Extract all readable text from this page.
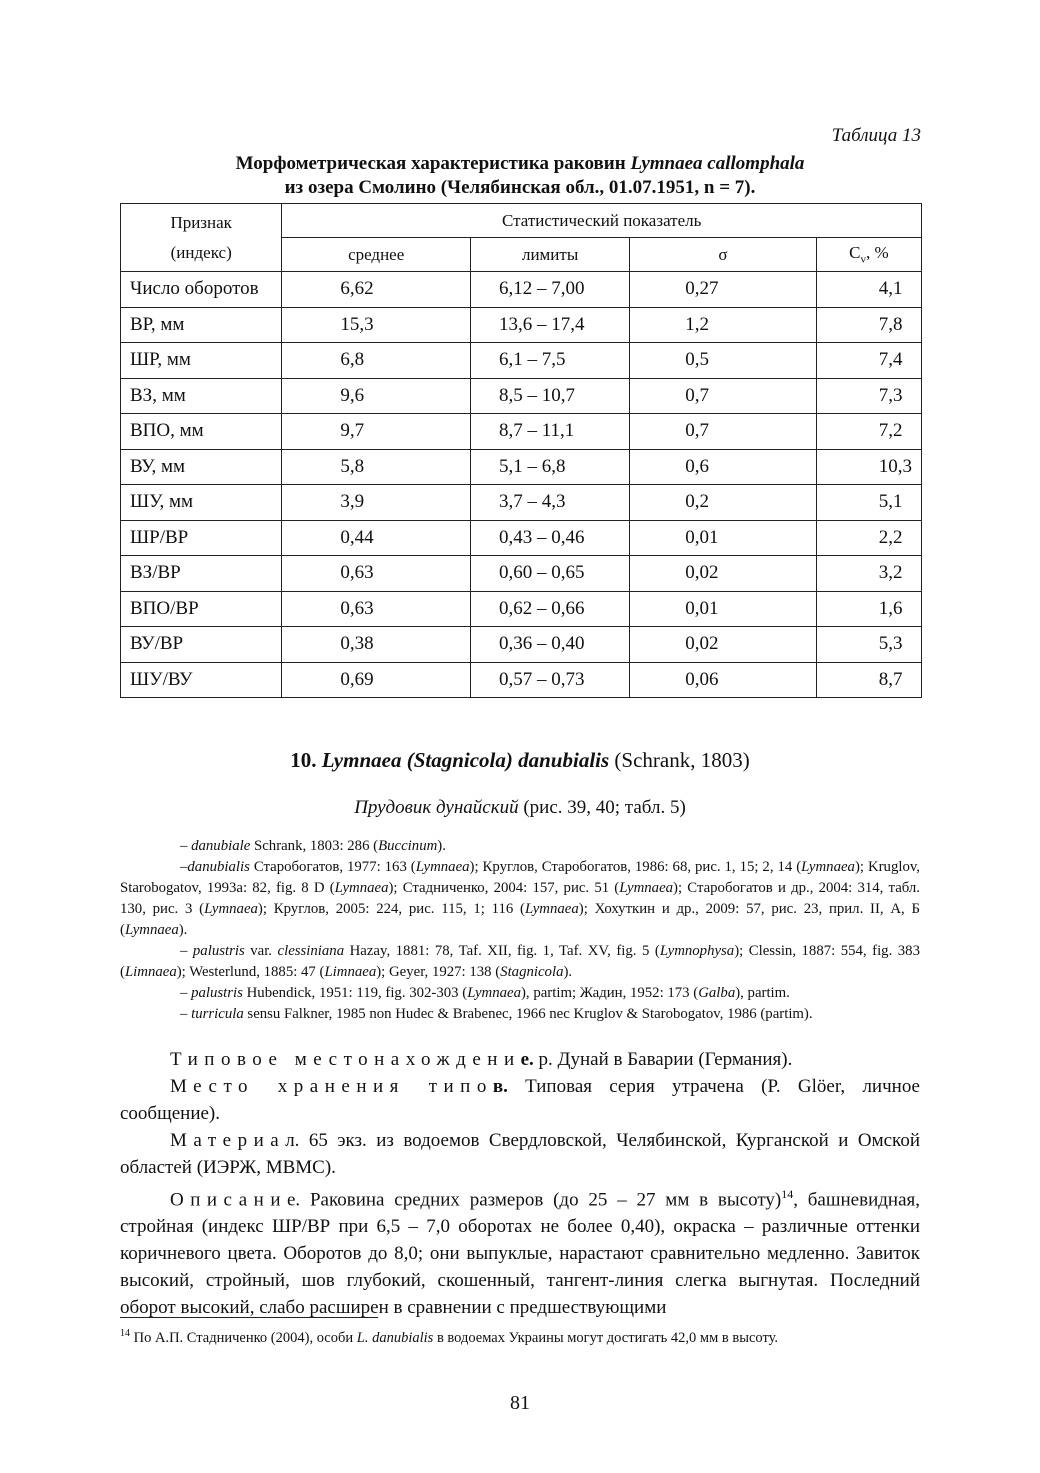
Таблица 13
Морфометрическая характеристика раковин Lymnaea callomphala
из озера Смолино (Челябинская обл., 01.07.1951, n = 7).
Признак
(индекс)	Статистический показатель			
	среднее	лимиты	σ	$C_v$, %
Число оборотов	6,62	6,12 – 7,00	0,27	4,1
ВР, мм	15,3	13,6 – 17,4	1,2	7,8
ШР, мм	6,8	6,1 – 7,5	0,5	7,4
ВЗ, мм	9,6	8,5 – 10,7	0,7	7,3
ВПО, мм	9,7	8,7 – 11,1	0,7	7,2
ВУ, мм	5,8	5,1 – 6,8	0,6	10,3
ШУ, мм	3,9	3,7 – 4,3	0,2	5,1
ШР/ВР	0,44	0,43 – 0,46	0,01	2,2
ВЗ/ВР	0,63	0,60 – 0,65	0,02	3,2
ВПО/ВР	0,63	0,62 – 0,66	0,01	1,6
ВУ/ВР	0,38	0,36 – 0,40	0,02	5,3
ШУ/ВУ	0,69	0,57 – 0,73	0,06	8,7
10. Lymnaea (Stagnicola) danubialis (Schrank, 1803)
Прудовик дунайский (рис. 39, 40; табл. 5)

– danubiale Schrank, 1803: 286 (Buccinum).

–danubialis Старобогатов, 1977: 163 (Lymnaea); Круглов, Старобогатов, 1986: 68, рис. 1, 15; 2, 14 (Lymnaea); Kruglov, Starobogatov, 1993a: 82, fig. 8 D (Lymnaea); Стадниченко, 2004: 157, рис. 51 (Lymnaea); Старобогатов и др., 2004: 314, табл. 130, рис. 3 (Lymnaea); Круглов, 2005: 224, рис. 115, 1; 116 (Lymnaea); Хохуткин и др., 2009: 57, рис. 23, прил. II, А, Б (Lymnaea).

– palustris var. clessiniana Hazay, 1881: 78, Taf. XII, fig. 1, Taf. XV, fig. 5 (Lymnophysa); Clessin, 1887: 554, fig. 383 (Limnaea); Westerlund, 1885: 47 (Limnaea); Geyer, 1927: 138 (Stagnicola).

– palustris Hubendick, 1951: 119, fig. 302-303 (Lymnaea), partim; Жадин, 1952: 173 (Galba), partim.

– turricula sensu Falkner, 1985 non Hudec & Brabenec, 1966 nec Kruglov & Starobogatov, 1986 (partim).

Типовое местонахождение. р. Дунай в Баварии (Германия).

Место хранения типов. Типовая серия утрачена (P. Glöer, личное сообщение).

Материал. 65 экз. из водоемов Свердловской, Челябинской, Курганской и Омской областей (ИЭРЖ, МВМС).

Описание. Раковина средних размеров (до 25 – 27 мм в высоту)$^{14}$, башневидная, стройная (индекс ШР/ВР при 6,5 – 7,0 оборотах не более 0,40), окраска – различные оттенки коричневого цвета. Оборотов до 8,0; они выпуклые, нарастают сравнительно медленно. Завиток высокий, стройный, шов глубокий, скошенный, тангент-линия слегка выгнутая. Последний оборот высокий, слабо расширен в сравнении с предшествующими

$^{14}$ По А.П. Стадниченко (2004), особи L. danubialis в водоемах Украины могут достигать 42,0 мм в высоту.
81
